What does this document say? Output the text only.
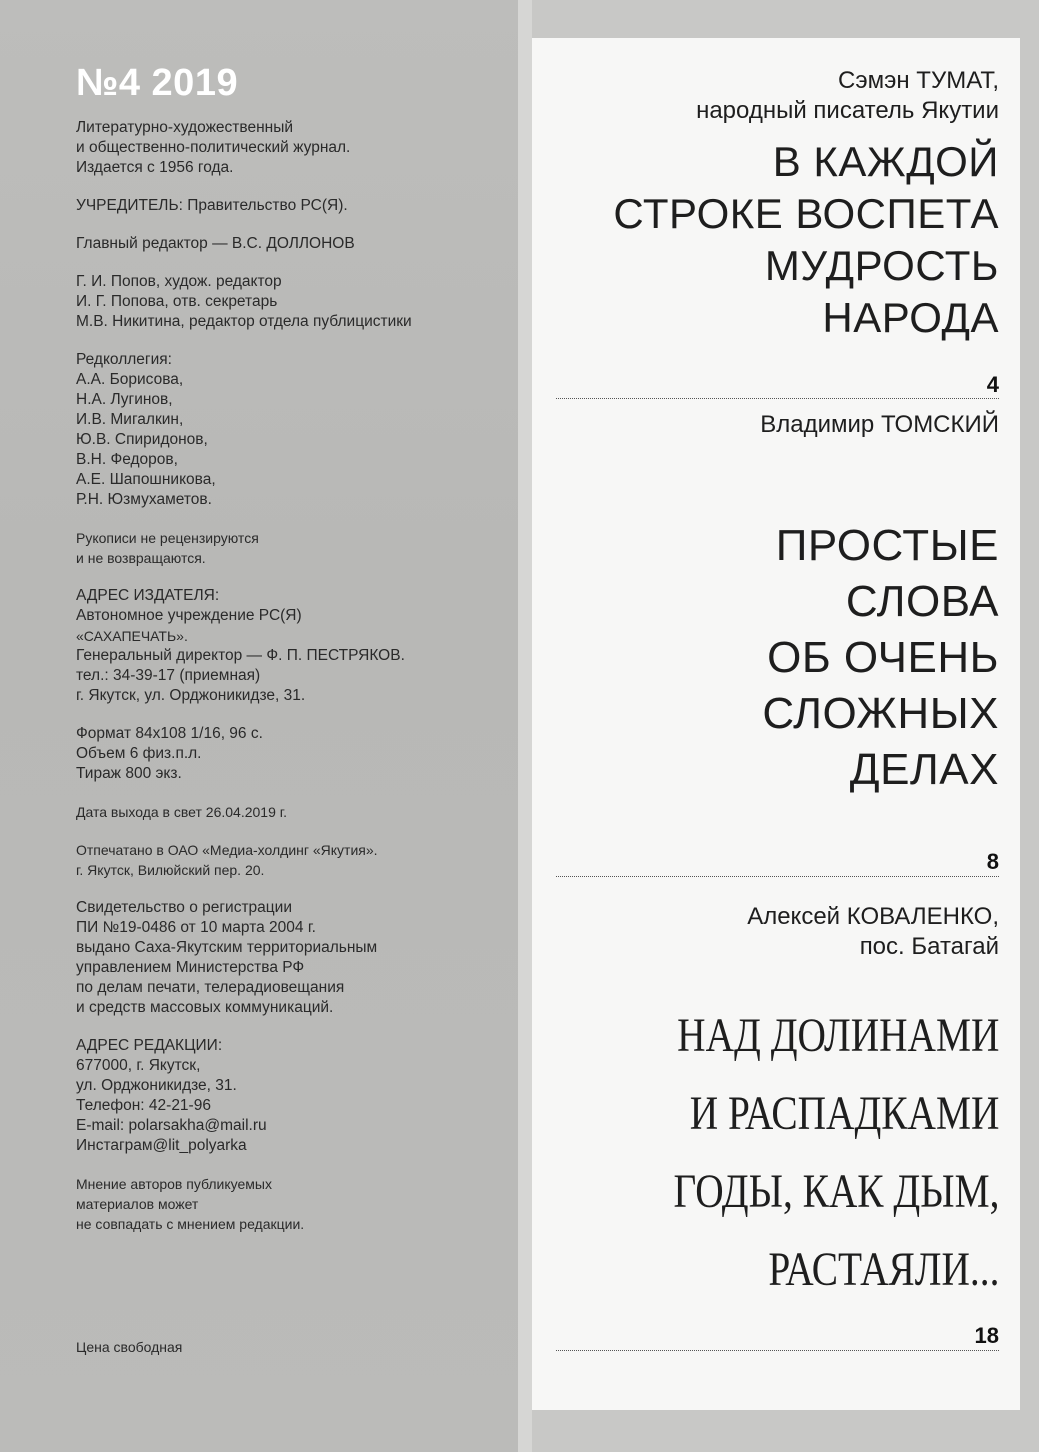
№4 2019

Литературно-художественный

и общественно-политический журнал.

Издается с 1956 года.

УЧРЕДИТЕЛЬ: Правительство РС(Я).

Главный редактор — В.С. ДОЛЛОНОВ

Г. И. Попов, худож. редактор

И. Г. Попова, отв. секретарь

М.В. Никитина, редактор отдела публицистики

Редколлегия:

А.А. Борисова,

Н.А. Лугинов,

И.В. Мигалкин,

Ю.В. Спиридонов,

В.Н. Федоров,

А.Е. Шапошникова,

Р.Н. Юзмухаметов.

Рукописи не рецензируются

и не возвращаются.

АДРЕС ИЗДАТЕЛЯ:

Автономное учреждение РС(Я)

«САХАПЕЧАТЬ».

Генеральный директор — Ф. П. ПЕСТРЯКОВ.

тел.: 34-39-17 (приемная)

г. Якутск, ул. Орджоникидзе, 31.

Формат 84х108 1/16, 96 с.

Объем 6 физ.п.л.

Тираж 800 экз.

Дата выхода в свет 26.04.2019 г.

Отпечатано в ОАО «Медиа-холдинг «Якутия».

г. Якутск, Вилюйский пер. 20.

Свидетельство о регистрации

ПИ №19-0486 от 10 марта 2004 г.

выдано Саха-Якутским территориальным

управлением Министерства РФ

по делам печати, телерадиовещания

и средств массовых коммуникаций.

АДРЕС РЕДАКЦИИ:

677000, г. Якутск,

ул. Орджоникидзе, 31.

Телефон: 42-21-96

E-mail: polarsakha@mail.ru

Инстаграм@lit_polyarka

Мнение авторов публикуемых

материалов может

не совпадать с мнением редакции.

Цена свободная
Сэмэн ТУМАТ,
народный писатель Якутии
В КАЖДОЙ
СТРОКЕ ВОСПЕТА
МУДРОСТЬ
НАРОДА
4
Владимир ТОМСКИЙ
ПРОСТЫЕ
СЛОВА
ОБ ОЧЕНЬ
СЛОЖНЫХ
ДЕЛАХ
8
Алексей КОВАЛЕНКО,
пос. Батагай
НАД ДОЛИНАМИ
И РАСПАДКАМИ
ГОДЫ, КАК ДЫМ,
РАСТАЯЛИ...
18
